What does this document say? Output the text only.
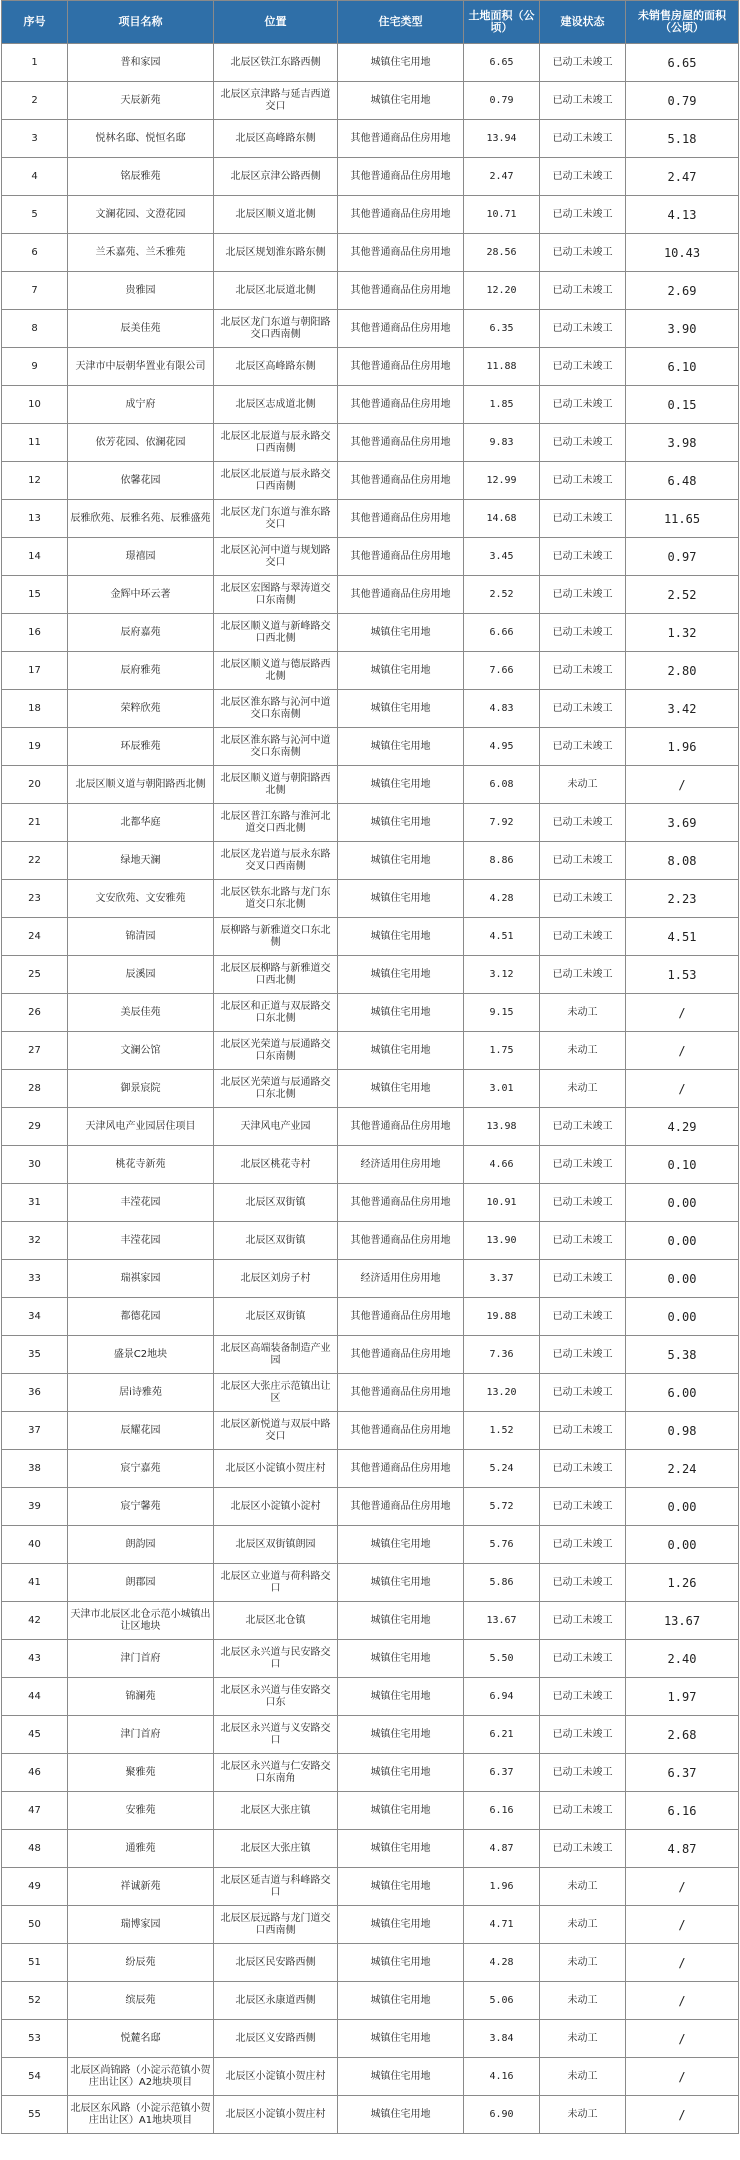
序号	项目名称	位置	住宅类型	土地面积（公顷）	建设状态	未销售房屋的面积（公顷）
1	普和家园	北辰区铁江东路西侧	城镇住宅用地	6.65	已动工未竣工	6.65
2	天辰新苑	北辰区京津路与延吉西道交口	城镇住宅用地	0.79	已动工未竣工	0.79
3	悦林名邸、悦恒名邸	北辰区高峰路东侧	其他普通商品住房用地	13.94	已动工未竣工	5.18
4	铭辰雅苑	北辰区京津公路西侧	其他普通商品住房用地	2.47	已动工未竣工	2.47
5	文澜花园、文澄花园	北辰区顺义道北侧	其他普通商品住房用地	10.71	已动工未竣工	4.13
6	兰禾嘉苑、兰禾雅苑	北辰区规划淮东路东侧	其他普通商品住房用地	28.56	已动工未竣工	10.43
7	贵雅园	北辰区北辰道北侧	其他普通商品住房用地	12.20	已动工未竣工	2.69
8	辰美佳苑	北辰区龙门东道与朝阳路交口西南侧	其他普通商品住房用地	6.35	已动工未竣工	3.90
9	天津市中辰朝华置业有限公司	北辰区高峰路东侧	其他普通商品住房用地	11.88	已动工未竣工	6.10
10	成宁府	北辰区志成道北侧	其他普通商品住房用地	1.85	已动工未竣工	0.15
11	依芳花园、依澜花园	北辰区北辰道与辰永路交口西南侧	其他普通商品住房用地	9.83	已动工未竣工	3.98
12	依馨花园	北辰区北辰道与辰永路交口西南侧	其他普通商品住房用地	12.99	已动工未竣工	6.48
13	辰雅欣苑、辰雅名苑、辰雅盛苑	北辰区龙门东道与淮东路交口	其他普通商品住房用地	14.68	已动工未竣工	11.65
14	璟禧园	北辰区沁河中道与规划路交口	其他普通商品住房用地	3.45	已动工未竣工	0.97
15	金辉中环云著	北辰区宏图路与翠涛道交口东南侧	其他普通商品住房用地	2.52	已动工未竣工	2.52
16	辰府嘉苑	北辰区顺义道与新峰路交口西北侧	城镇住宅用地	6.66	已动工未竣工	1.32
17	辰府雅苑	北辰区顺义道与德辰路西北侧	城镇住宅用地	7.66	已动工未竣工	2.80
18	荣粹欣苑	北辰区淮东路与沁河中道交口东南侧	城镇住宅用地	4.83	已动工未竣工	3.42
19	环辰雅苑	北辰区淮东路与沁河中道交口东南侧	城镇住宅用地	4.95	已动工未竣工	1.96
20	北辰区顺义道与朝阳路西北侧	北辰区顺义道与朝阳路西北侧	城镇住宅用地	6.08	未动工	/
21	北都华庭	北辰区普江东路与淮河北道交口西北侧	城镇住宅用地	7.92	已动工未竣工	3.69
22	绿地天澜	北辰区龙岩道与辰永东路交叉口西南侧	城镇住宅用地	8.86	已动工未竣工	8.08
23	文安欣苑、文安雅苑	北辰区铁东北路与龙门东道交口东北侧	城镇住宅用地	4.28	已动工未竣工	2.23
24	锦清园	辰柳路与新雅道交口东北侧	城镇住宅用地	4.51	已动工未竣工	4.51
25	辰溪园	北辰区辰柳路与新雅道交口西北侧	城镇住宅用地	3.12	已动工未竣工	1.53
26	美辰佳苑	北辰区和正道与双辰路交口东北侧	城镇住宅用地	9.15	未动工	/
27	文澜公馆	北辰区光荣道与辰通路交口东南侧	城镇住宅用地	1.75	未动工	/
28	御景宸院	北辰区光荣道与辰通路交口东北侧	城镇住宅用地	3.01	未动工	/
29	天津风电产业园居住项目	天津风电产业园	其他普通商品住房用地	13.98	已动工未竣工	4.29
30	桃花寺新苑	北辰区桃花寺村	经济适用住房用地	4.66	已动工未竣工	0.10
31	丰滢花园	北辰区双街镇	其他普通商品住房用地	10.91	已动工未竣工	0.00
32	丰滢花园	北辰区双街镇	其他普通商品住房用地	13.90	已动工未竣工	0.00
33	瑞祺家园	北辰区刘房子村	经济适用住房用地	3.37	已动工未竣工	0.00
34	都德花园	北辰区双街镇	其他普通商品住房用地	19.88	已动工未竣工	0.00
35	盛景C2地块	北辰区高端装备制造产业园	其他普通商品住房用地	7.36	已动工未竣工	5.38
36	居i诗雅苑	北辰区大张庄示范镇出让区	其他普通商品住房用地	13.20	已动工未竣工	6.00
37	辰耀花园	北辰区新悦道与双辰中路交口	其他普通商品住房用地	1.52	已动工未竣工	0.98
38	宸宁嘉苑	北辰区小淀镇小贺庄村	其他普通商品住房用地	5.24	已动工未竣工	2.24
39	宸宁馨苑	北辰区小淀镇小淀村	其他普通商品住房用地	5.72	已动工未竣工	0.00
40	朗韵园	北辰区双街镇朗园	城镇住宅用地	5.76	已动工未竣工	0.00
41	朗郡园	北辰区立业道与荷科路交口	城镇住宅用地	5.86	已动工未竣工	1.26
42	天津市北辰区北仓示范小城镇出让区地块	北辰区北仓镇	城镇住宅用地	13.67	已动工未竣工	13.67
43	津门首府	北辰区永兴道与民安路交口	城镇住宅用地	5.50	已动工未竣工	2.40
44	锦澜苑	北辰区永兴道与佳安路交口东	城镇住宅用地	6.94	已动工未竣工	1.97
45	津门首府	北辰区永兴道与义安路交口	城镇住宅用地	6.21	已动工未竣工	2.68
46	聚雅苑	北辰区永兴道与仁安路交口东南角	城镇住宅用地	6.37	已动工未竣工	6.37
47	安雅苑	北辰区大张庄镇	城镇住宅用地	6.16	已动工未竣工	6.16
48	通雅苑	北辰区大张庄镇	城镇住宅用地	4.87	已动工未竣工	4.87
49	祥诚新苑	北辰区延吉道与科峰路交口	城镇住宅用地	1.96	未动工	/
50	瑞博家园	北辰区辰远路与龙门道交口西南侧	城镇住宅用地	4.71	未动工	/
51	纷辰苑	北辰区民安路西侧	城镇住宅用地	4.28	未动工	/
52	缤辰苑	北辰区永康道西侧	城镇住宅用地	5.06	未动工	/
53	悦麓名邸	北辰区义安路西侧	城镇住宅用地	3.84	未动工	/
54	北辰区尚锦路（小淀示范镇小贺庄出让区）A2地块项目	北辰区小淀镇小贺庄村	城镇住宅用地	4.16	未动工	/
55	北辰区东风路（小淀示范镇小贺庄出让区）A1地块项目	北辰区小淀镇小贺庄村	城镇住宅用地	6.90	未动工	/
